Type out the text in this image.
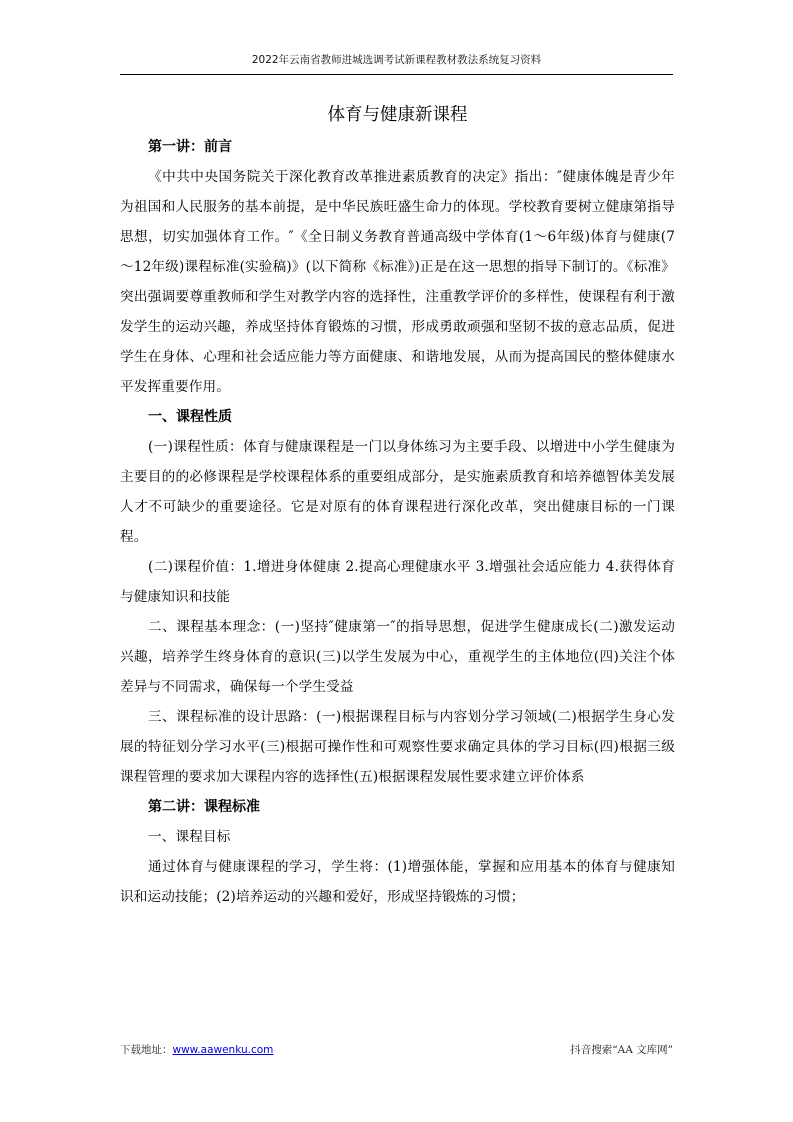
2022年云南省教师进城选调考试新课程教材教法系统复习资料
体育与健康新课程
第一讲：前言

《中共中央国务院关于深化教育改革推进素质教育的决定》指出：″健康体魄是青少年为祖国和人民服务的基本前提，是中华民族旺盛生命力的体现。学校教育要树立健康第指导思想，切实加强体育工作。″《全日制义务教育普通高级中学体育(1～6年级)体育与健康(7～12年级)课程标准(实验稿)》(以下简称《标准》)正是在这一思想的指导下制订的。《标准》突出强调要尊重教师和学生对教学内容的选择性，注重教学评价的多样性，使课程有利于激发学生的运动兴趣，养成坚持体育锻炼的习惯，形成勇敢顽强和坚韧不拔的意志品质，促进学生在身体、心理和社会适应能力等方面健康、和谐地发展，从而为提高国民的整体健康水平发挥重要作用。

一、课程性质

(一)课程性质：体育与健康课程是一门以身体练习为主要手段、以增进中小学生健康为主要目的的必修课程是学校课程体系的重要组成部分，是实施素质教育和培养德智体美发展人才不可缺少的重要途径。它是对原有的体育课程进行深化改革，突出健康目标的一门课程。

(二)课程价值：1.增进身体健康 2.提高心理健康水平 3.增强社会适应能力 4.获得体育与健康知识和技能

二、课程基本理念：(一)坚持″健康第一″的指导思想，促进学生健康成长(二)激发运动兴趣，培养学生终身体育的意识(三)以学生发展为中心，重视学生的主体地位(四)关注个体差异与不同需求，确保每一个学生受益

三、课程标准的设计思路：(一)根据课程目标与内容划分学习领域(二)根据学生身心发展的特征划分学习水平(三)根据可操作性和可观察性要求确定具体的学习目标(四)根据三级课程管理的要求加大课程内容的选择性(五)根据课程发展性要求建立评价体系

第二讲：课程标准

一、课程目标

通过体育与健康课程的学习，学生将：(1)增强体能，掌握和应用基本的体育与健康知识和运动技能；(2)培养运动的兴趣和爱好，形成坚持锻炼的习惯；

下载地址：www.aawenku.com	抖音搜索“AA 文库网”
